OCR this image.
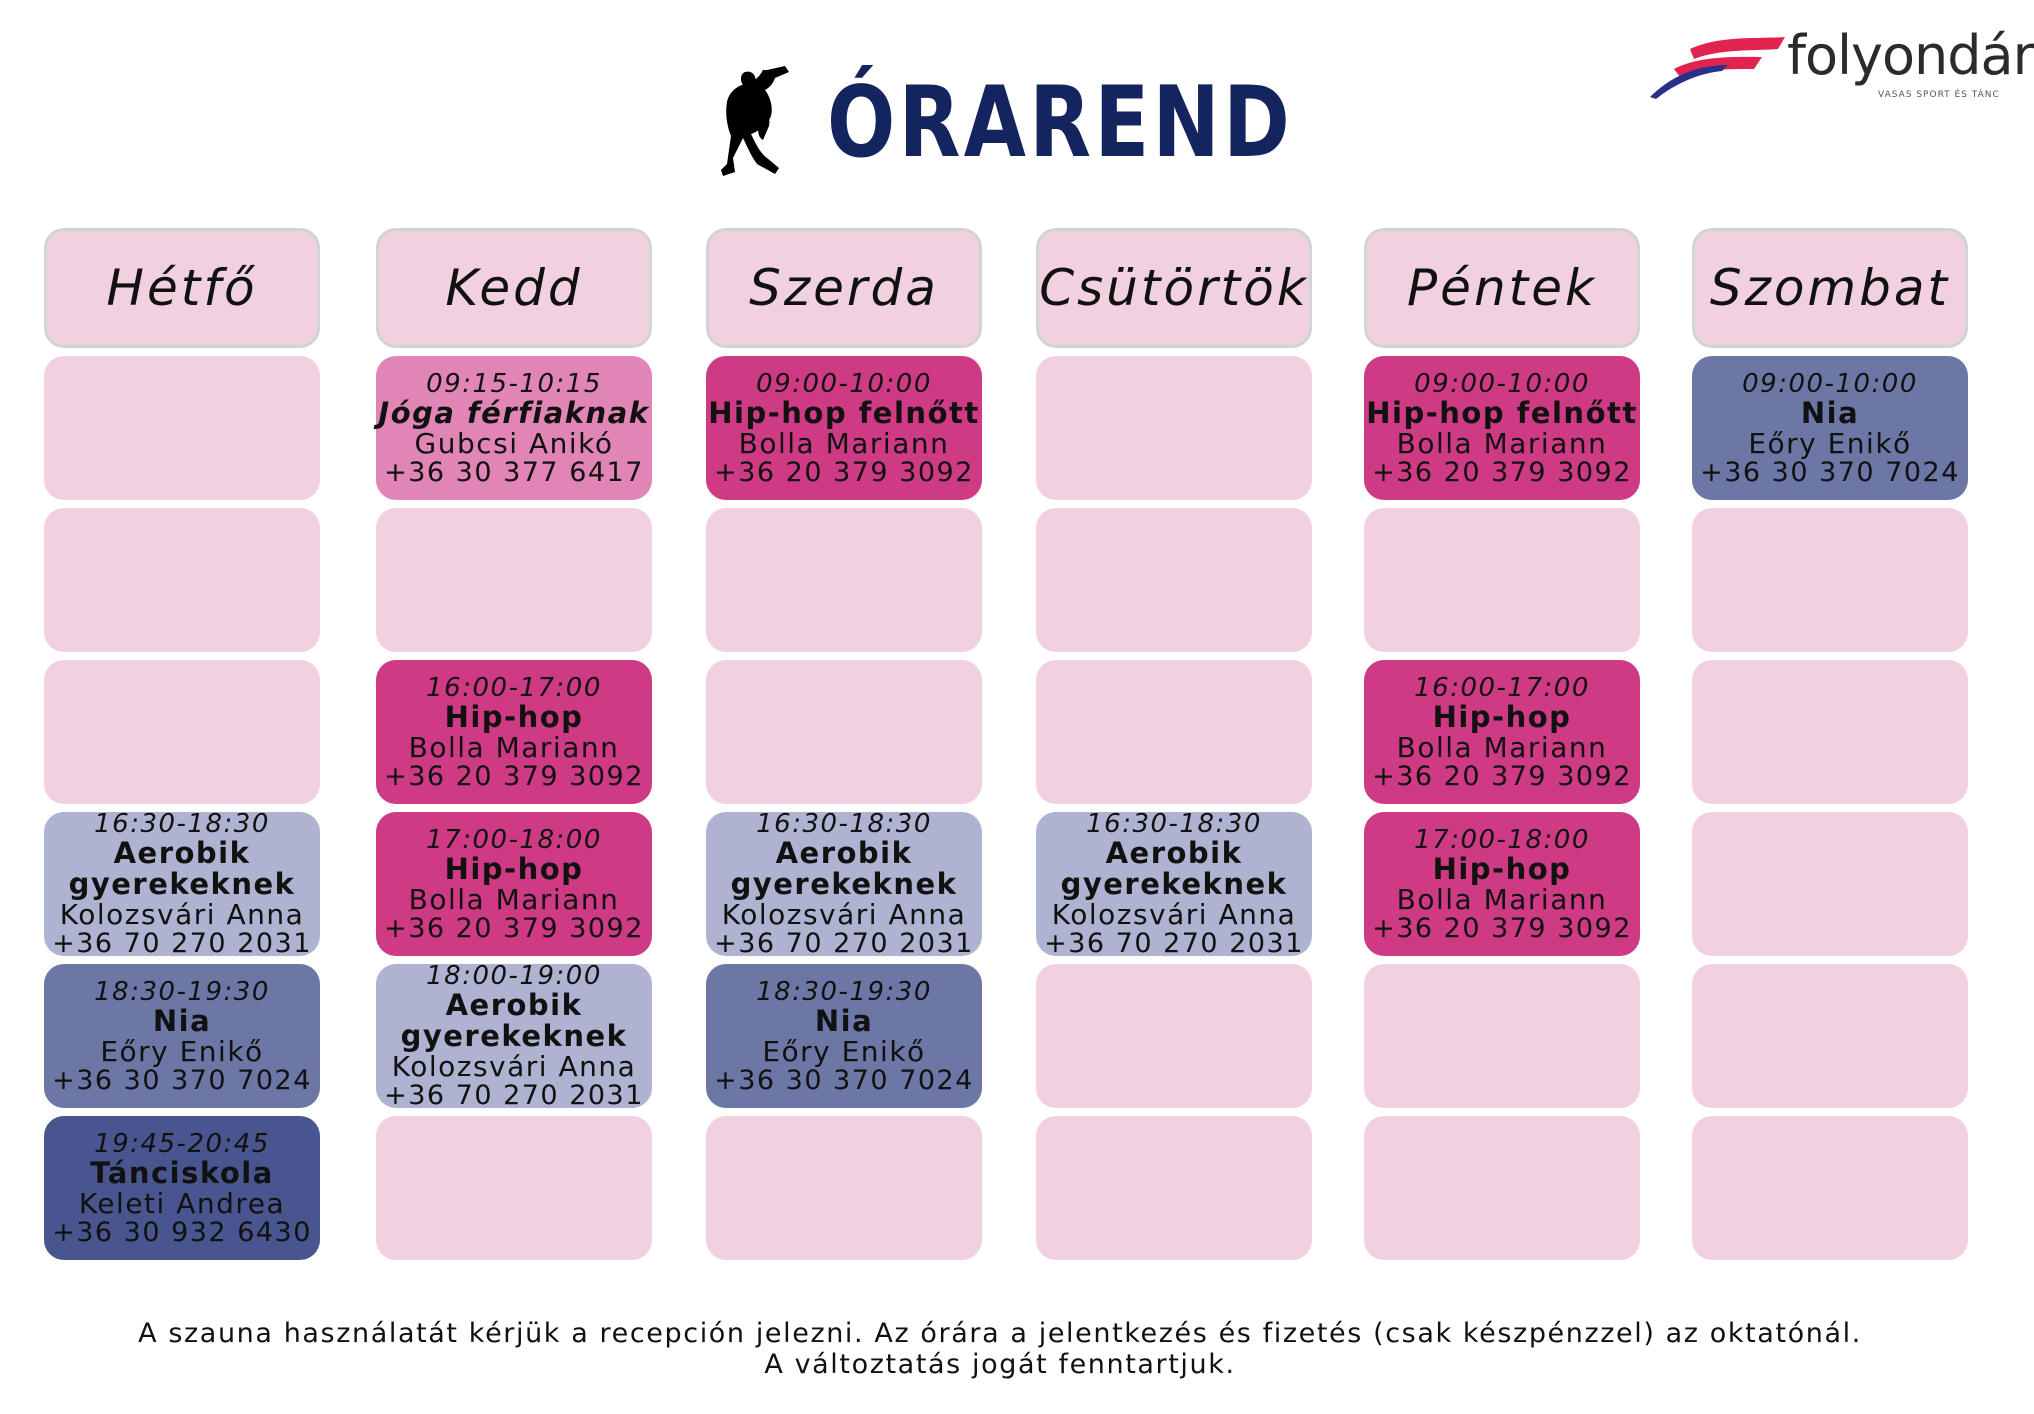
ÓRAREND
folyondár
VASAS SPORT ÉS TÁNC
Hétfő
16:30-18:30
Aerobik gyerekeknek
Kolozsvári Anna
+36 70 270 2031
18:30-19:30
Nia
Eőry Enikő
+36 30 370 7024
19:45-20:45
Tánciskola
Keleti Andrea
+36 30 932 6430
Kedd
09:15-10:15
Jóga férfiaknak
Gubcsi Anikó
+36 30 377 6417
16:00-17:00
Hip-hop
Bolla Mariann
+36 20 379 3092
17:00-18:00
Hip-hop
Bolla Mariann
+36 20 379 3092
18:00-19:00
Aerobik gyerekeknek
Kolozsvári Anna
+36 70 270 2031
Szerda
09:00-10:00
Hip-hop felnőtt
Bolla Mariann
+36 20 379 3092
16:30-18:30
Aerobik gyerekeknek
Kolozsvári Anna
+36 70 270 2031
18:30-19:30
Nia
Eőry Enikő
+36 30 370 7024
Csütörtök
16:30-18:30
Aerobik gyerekeknek
Kolozsvári Anna
+36 70 270 2031
Péntek
09:00-10:00
Hip-hop felnőtt
Bolla Mariann
+36 20 379 3092
16:00-17:00
Hip-hop
Bolla Mariann
+36 20 379 3092
17:00-18:00
Hip-hop
Bolla Mariann
+36 20 379 3092
Szombat
09:00-10:00
Nia
Eőry Enikő
+36 30 370 7024
A szauna használatát kérjük a recepción jelezni. Az órára a jelentkezés és fizetés (csak készpénzzel) az oktatónál.
A változtatás jogát fenntartjuk.
